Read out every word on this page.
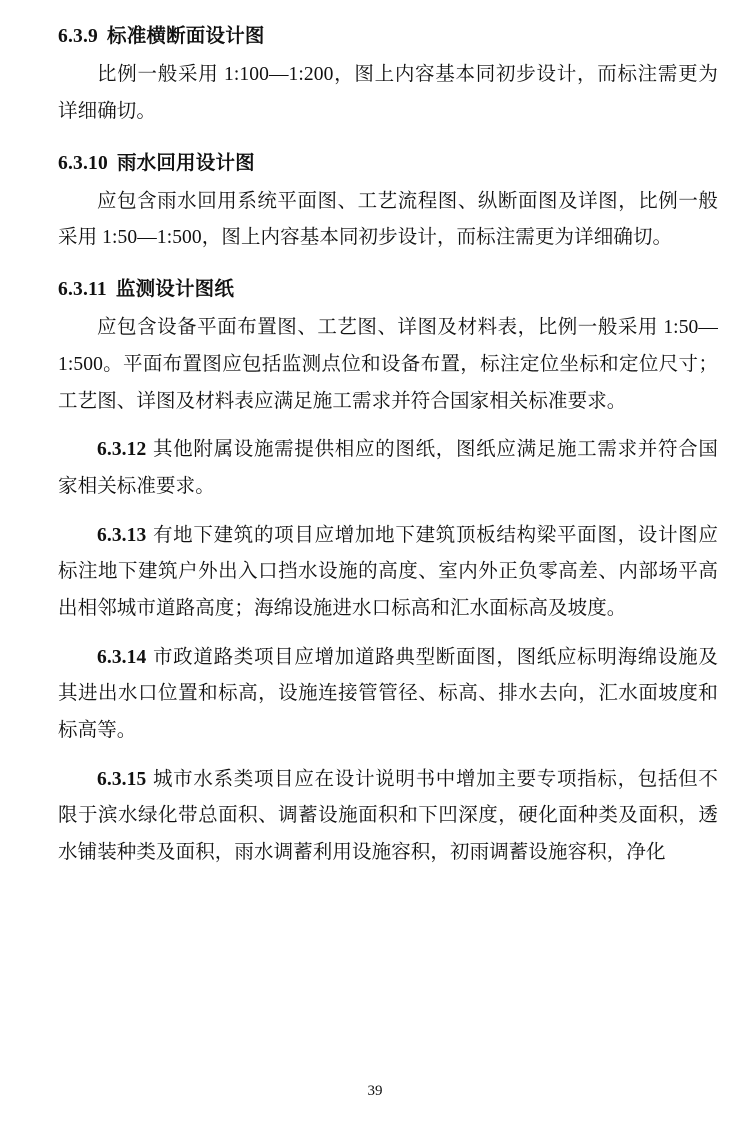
6.3.9 标准横断面设计图

比例一般采用 1:100—1:200，图上内容基本同初步设计，而标注需更为详细确切。

6.3.10 雨水回用设计图

应包含雨水回用系统平面图、工艺流程图、纵断面图及详图，比例一般采用 1:50—1:500，图上内容基本同初步设计，而标注需更为详细确切。

6.3.11 监测设计图纸

应包含设备平面布置图、工艺图、详图及材料表，比例一般采用 1:50—1:500。平面布置图应包括监测点位和设备布置，标注定位坐标和定位尺寸；工艺图、详图及材料表应满足施工需求并符合国家相关标准要求。

6.3.12 其他附属设施需提供相应的图纸，图纸应满足施工需求并符合国家相关标准要求。

6.3.13 有地下建筑的项目应增加地下建筑顶板结构梁平面图，设计图应标注地下建筑户外出入口挡水设施的高度、室内外正负零高差、内部场平高出相邻城市道路高度；海绵设施进水口标高和汇水面标高及坡度。

6.3.14 市政道路类项目应增加道路典型断面图，图纸应标明海绵设施及其进出水口位置和标高，设施连接管管径、标高、排水去向，汇水面坡度和标高等。

6.3.15 城市水系类项目应在设计说明书中增加主要专项指标，包括但不限于滨水绿化带总面积、调蓄设施面积和下凹深度，硬化面种类及面积，透水铺装种类及面积，雨水调蓄利用设施容积，初雨调蓄设施容积，净化

39
